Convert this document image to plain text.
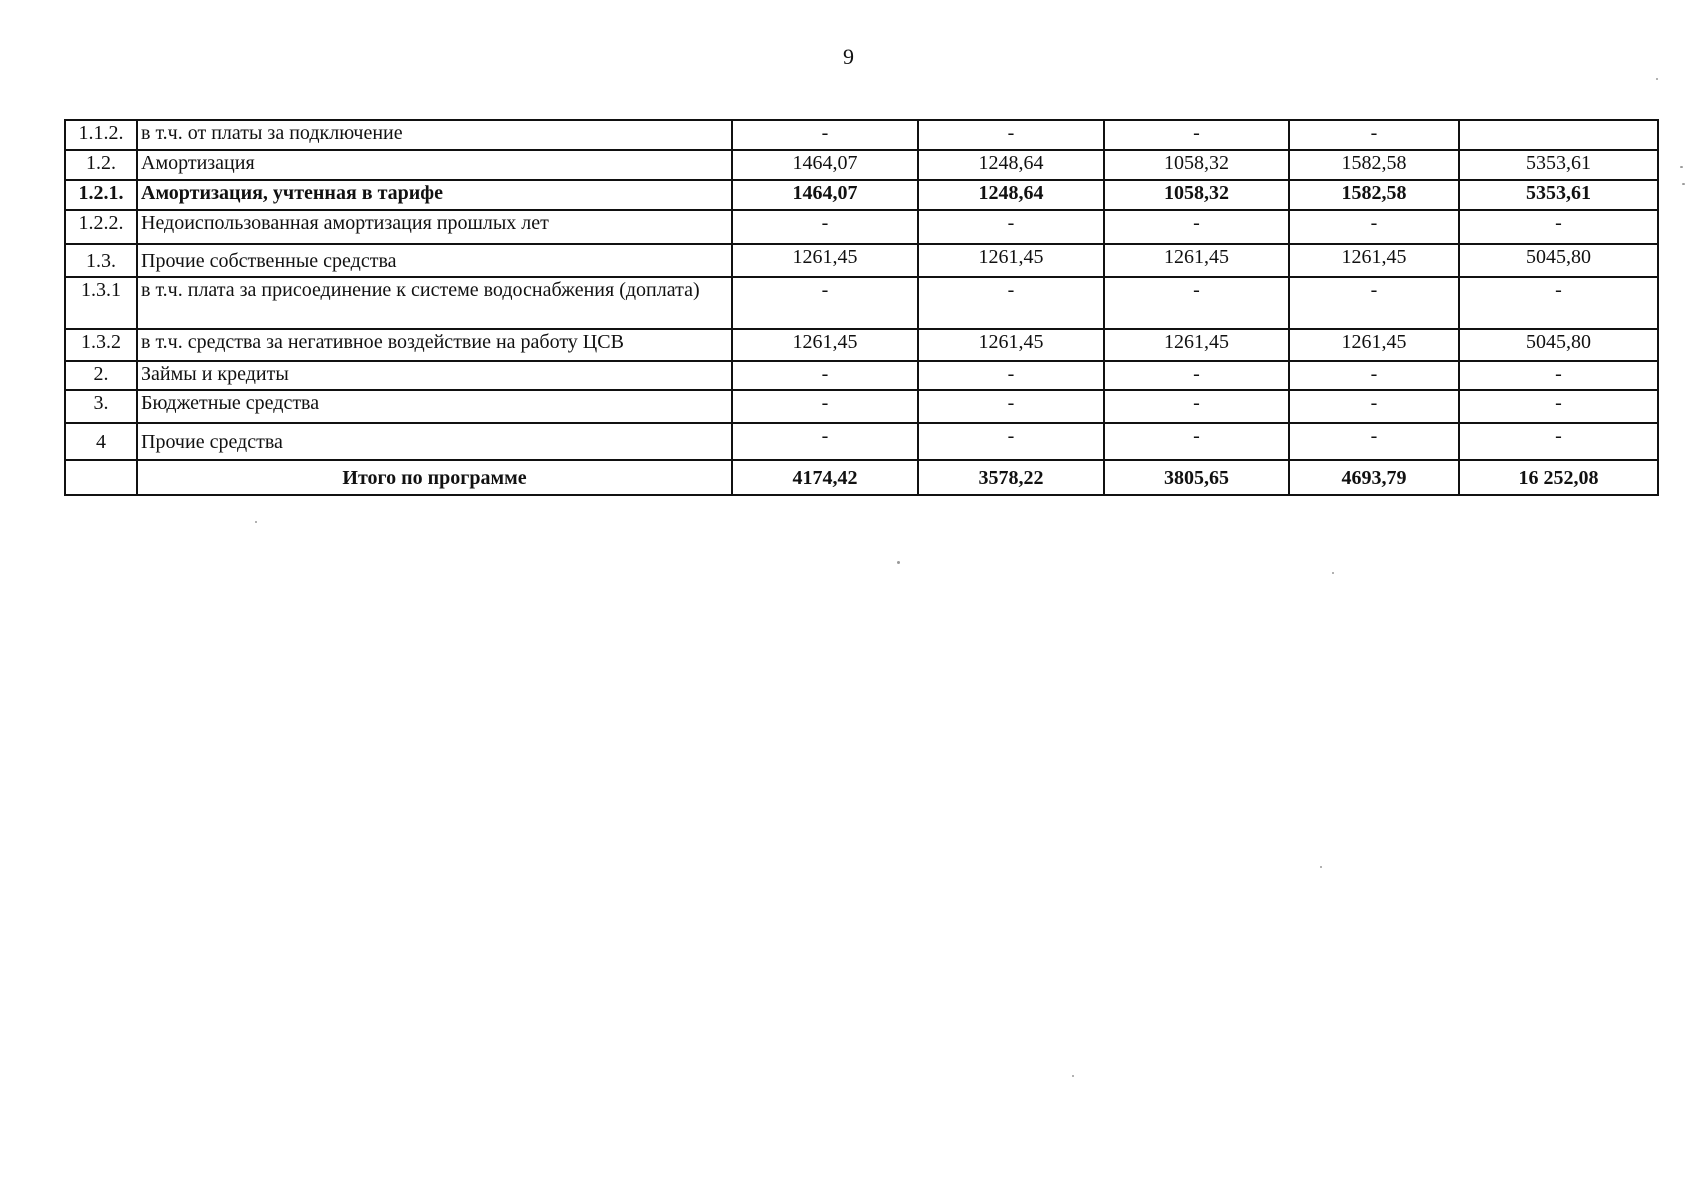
9
1.1.2.	в т.ч. от платы за подключение	-	-	-	-	
1.2.	Амортизация	1464,07	1248,64	1058,32	1582,58	5353,61
1.2.1.	Амортизация, учтенная в тарифе	1464,07	1248,64	1058,32	1582,58	5353,61
1.2.2.	Недоиспользованная амортизация прошлых лет	-	-	-	-	-
1.3.	Прочие собственные средства	1261,45	1261,45	1261,45	1261,45	5045,80
1.3.1	в т.ч. плата за присоединение к системе водоснабжения (доплата)	-	-	-	-	-
1.3.2	в т.ч. средства за негативное воздействие на работу ЦСВ	1261,45	1261,45	1261,45	1261,45	5045,80
2.	Займы и кредиты	-	-	-	-	-
3.	Бюджетные средства	-	-	-	-	-
4	Прочие средства	-	-	-	-	-
	Итого по программе	4174,42	3578,22	3805,65	4693,79	16 252,08
